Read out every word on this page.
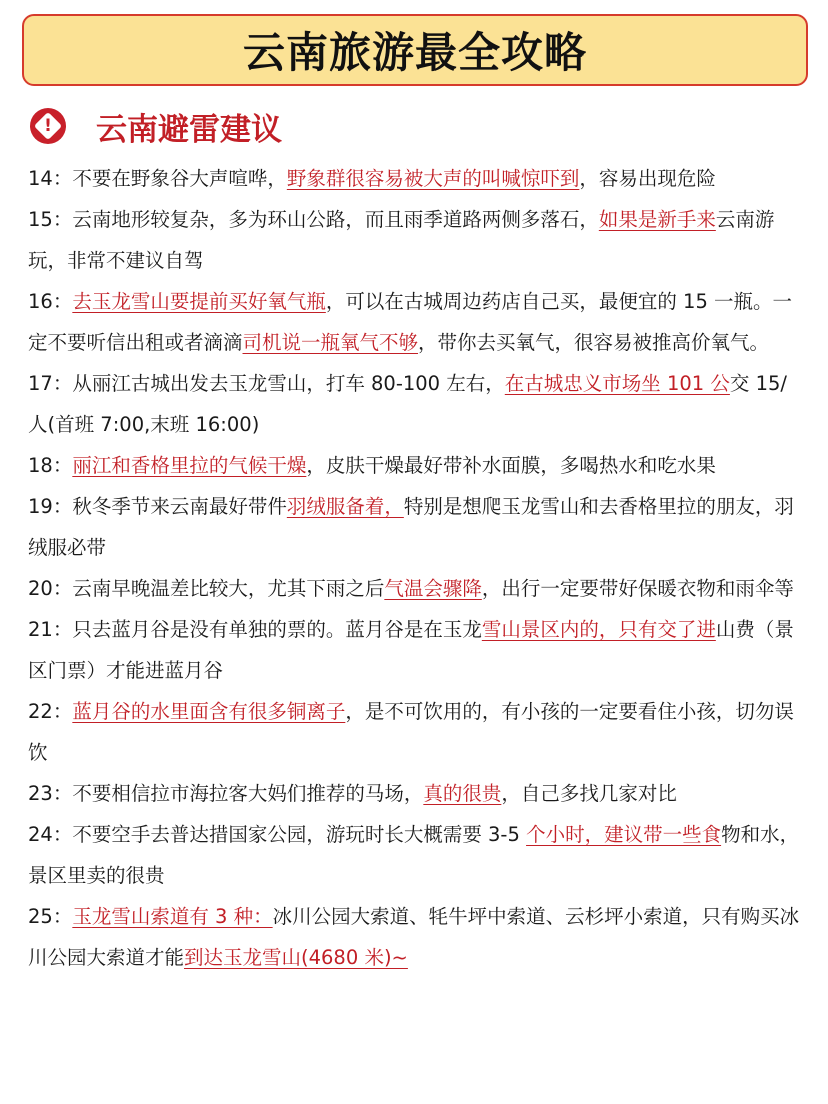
云南旅游最全攻略
!	云南避雷建议

14：不要在野象谷大声喧哗，野象群很容易被大声的叫喊惊吓到，容易出现危险

15：云南地形较复杂，多为环山公路，而且雨季道路两侧多落石，如果是新手来云南游玩，非常不建议自驾

16：去玉龙雪山要提前买好氧气瓶，可以在古城周边药店自己买，最便宜的 15 一瓶。一定不要听信出租或者滴滴司机说一瓶氧气不够，带你去买氧气，很容易被推高价氧气。

17：从丽江古城出发去玉龙雪山，打车 80-100 左右，在古城忠义市场坐 101 公交 15/人(首班 7:00,末班 16:00)

18：丽江和香格里拉的气候干燥，皮肤干燥最好带补水面膜，多喝热水和吃水果

19：秋冬季节来云南最好带件羽绒服备着，特别是想爬玉龙雪山和去香格里拉的朋友，羽绒服必带

20：云南早晚温差比较大，尤其下雨之后气温会骤降，出行一定要带好保暖衣物和雨伞等

21：只去蓝月谷是没有单独的票的。蓝月谷是在玉龙雪山景区内的，只有交了进山费（景区门票）才能进蓝月谷

22：蓝月谷的水里面含有很多铜离子，是不可饮用的，有小孩的一定要看住小孩，切勿误饮

23：不要相信拉市海拉客大妈们推荐的马场，真的很贵，自己多找几家对比

24：不要空手去普达措国家公园，游玩时长大概需要 3-5 个小时，建议带一些食物和水，景区里卖的很贵

25：玉龙雪山索道有 3 种：冰川公园大索道、牦牛坪中索道、云杉坪小索道，只有购买冰川公园大索道才能到达玉龙雪山(4680 米)~
